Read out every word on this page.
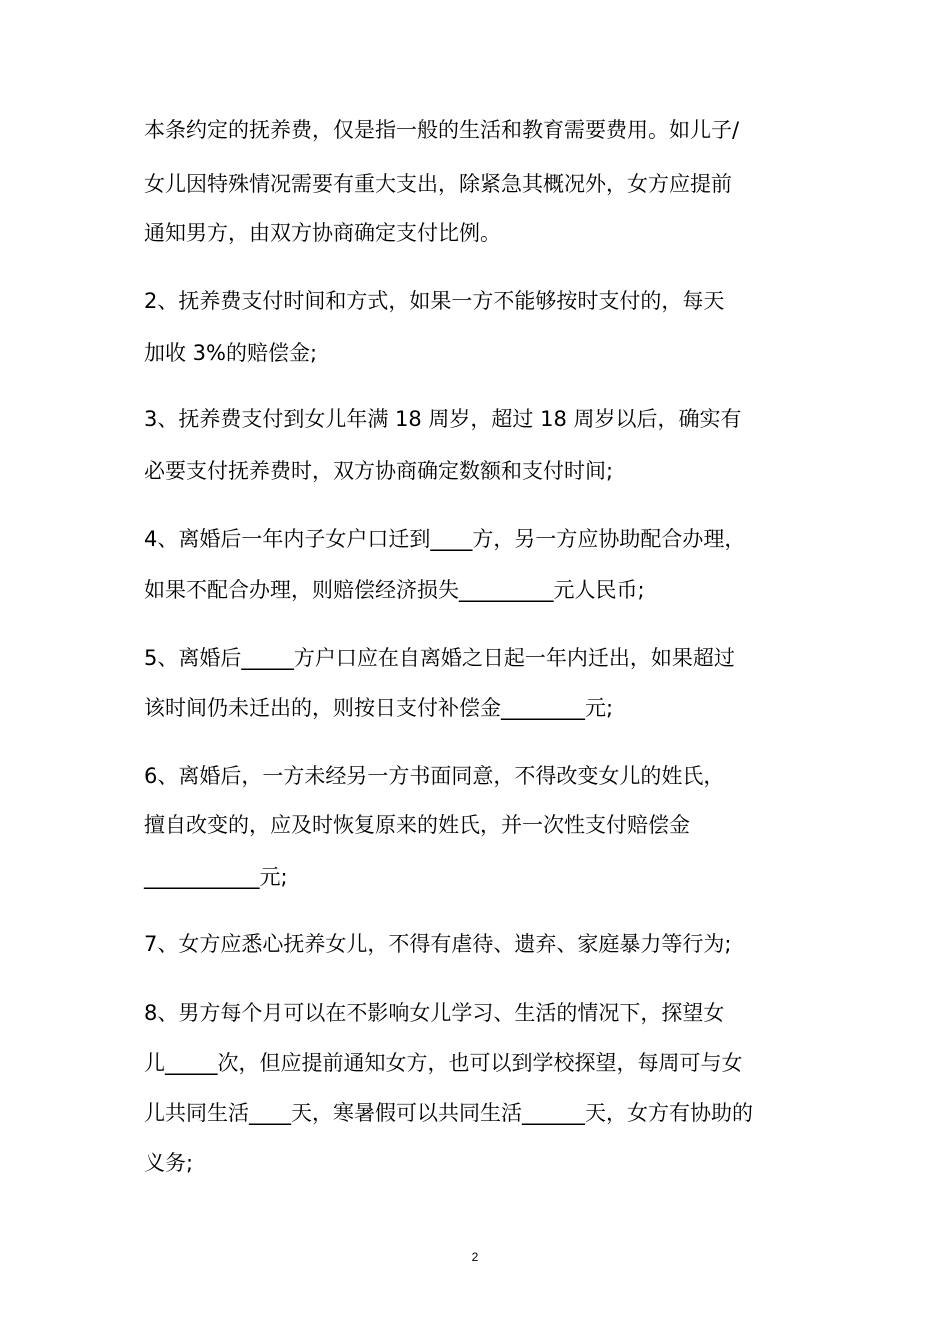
本条约定的抚养费，仅是指一般的生活和教育需要费用。如儿子/
女儿因特殊情况需要有重大支出，除紧急其概况外，女方应提前
通知男方，由双方协商确定支付比例。
2、抚养费支付时间和方式，如果一方不能够按时支付的，每天
加收 3%的赔偿金;
3、抚养费支付到女儿年满 18 周岁，超过 18 周岁以后，确实有
必要支付抚养费时，双方协商确定数额和支付时间;
4、离婚后一年内子女户口迁到____方，另一方应协助配合办理，
如果不配合办理，则赔偿经济损失_________元人民币;
5、离婚后_____方户口应在自离婚之日起一年内迁出，如果超过
该时间仍未迁出的，则按日支付补偿金________元;
6、离婚后，一方未经另一方书面同意，不得改变女儿的姓氏，
擅自改变的，应及时恢复原来的姓氏，并一次性支付赔偿金
___________元;
7、女方应悉心抚养女儿，不得有虐待、遗弃、家庭暴力等行为;
8、男方每个月可以在不影响女儿学习、生活的情况下，探望女
儿_____次，但应提前通知女方，也可以到学校探望，每周可与女
儿共同生活____天，寒暑假可以共同生活______天，女方有协助的
义务;
2
